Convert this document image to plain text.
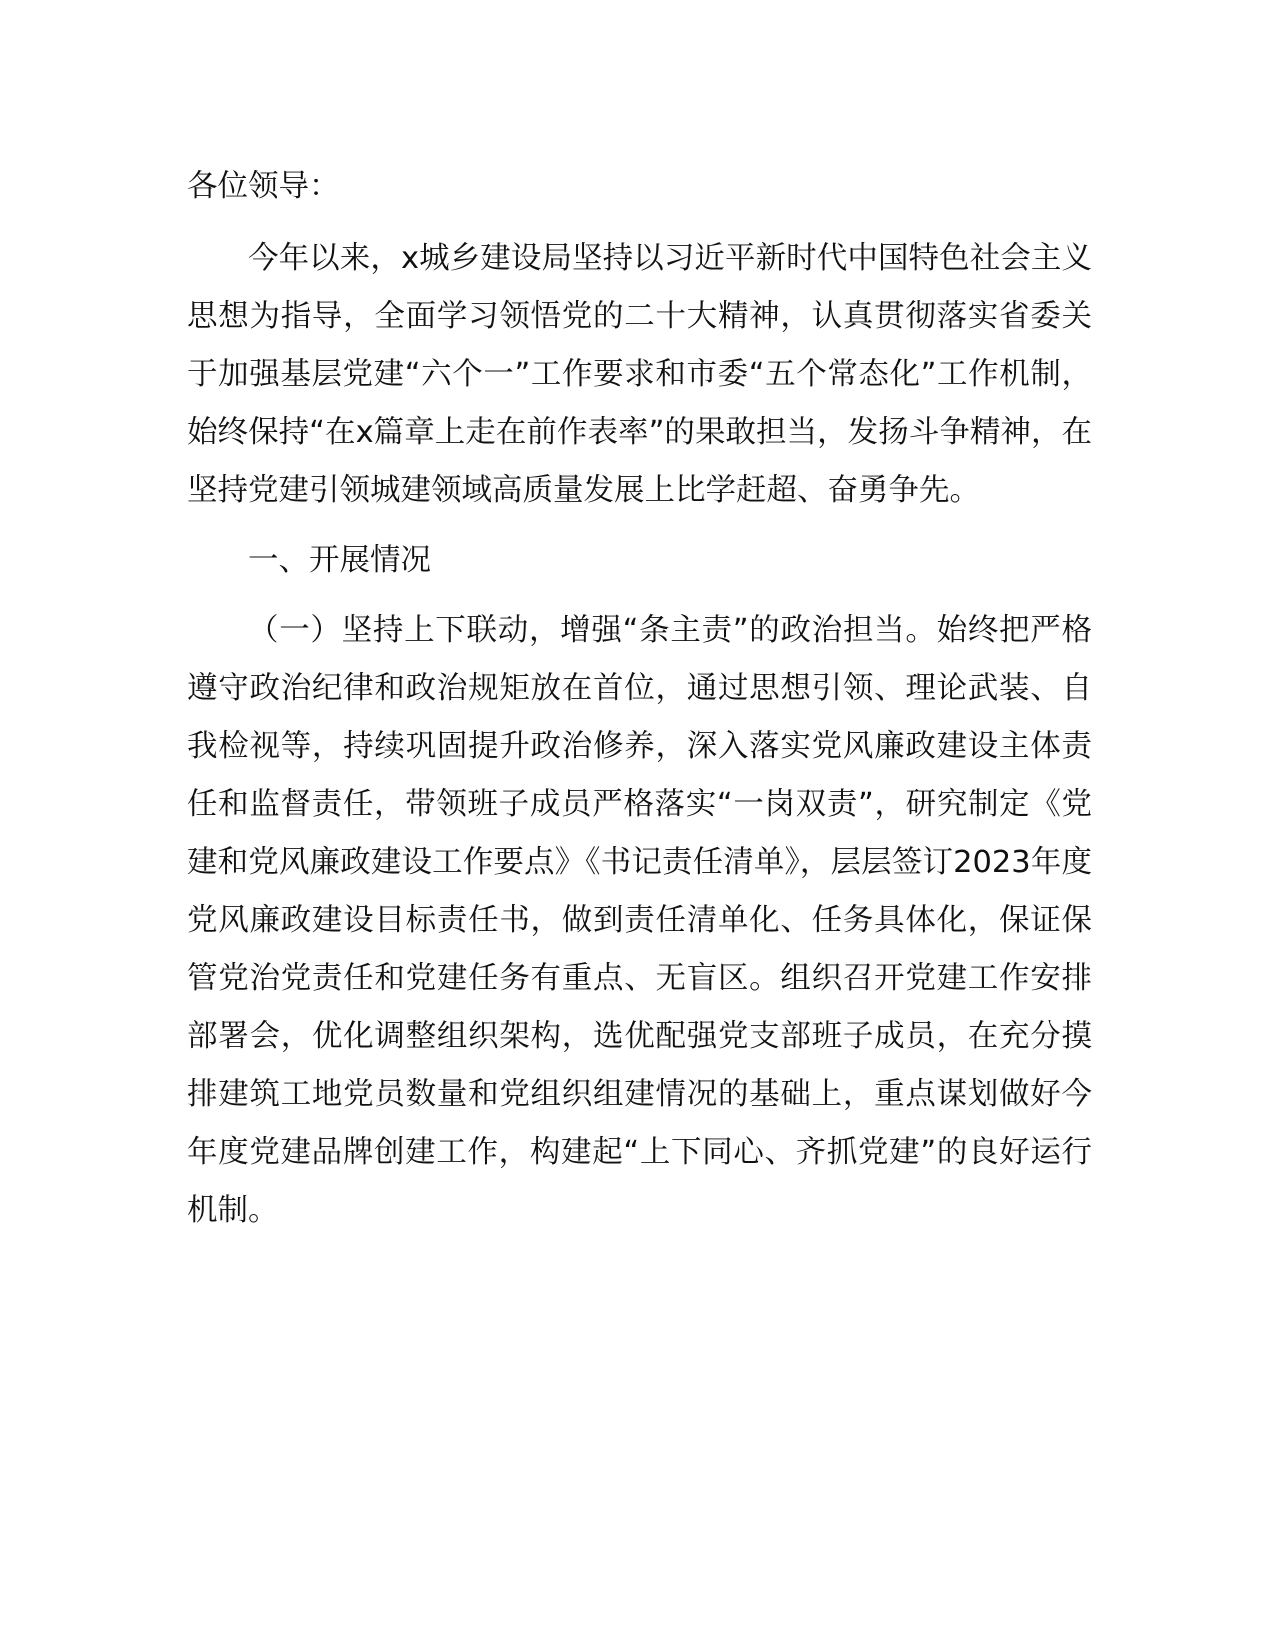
各位领导：

今年以来，x城乡建设局坚持以习近平新时代中国特色社会主义思想为指导，全面学习领悟党的二十大精神，认真贯彻落实省委关于加强基层党建“六个一”工作要求和市委“五个常态化”工作机制，始终保持“在x篇章上走在前作表率”的果敢担当，发扬斗争精神，在坚持党建引领城建领域高质量发展上比学赶超、奋勇争先。

一、开展情况

（一）坚持上下联动，增强“条主责”的政治担当。始终把严格遵守政治纪律和政治规矩放在首位，通过思想引领、理论武装、自我检视等，持续巩固提升政治修养，深入落实党风廉政建设主体责任和监督责任，带领班子成员严格落实“一岗双责”，研究制定《党建和党风廉政建设工作要点》《书记责任清单》，层层签订2023年度党风廉政建设目标责任书，做到责任清单化、任务具体化，保证保管党治党责任和党建任务有重点、无盲区。组织召开党建工作安排部署会，优化调整组织架构，选优配强党支部班子成员，在充分摸排建筑工地党员数量和党组织组建情况的基础上，重点谋划做好今年度党建品牌创建工作，构建起“上下同心、齐抓党建”的良好运行机制。
